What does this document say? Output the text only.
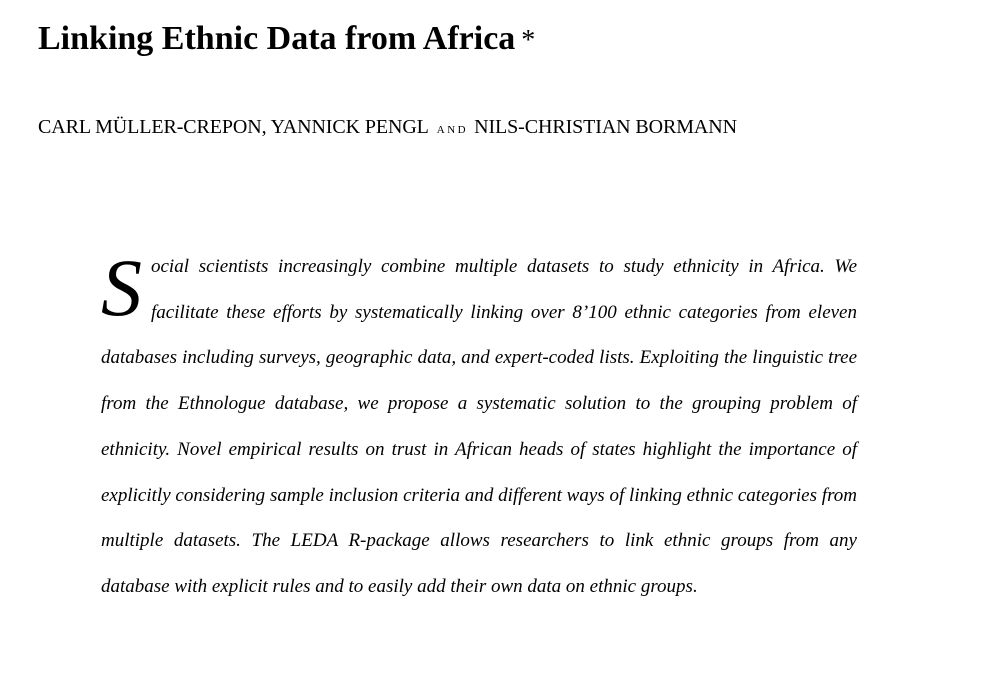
Linking Ethnic Data from Africa *
CARL MÜLLER-CREPON, YANNICK PENGL AND NILS-CHRISTIAN BORMANN

Social scientists increasingly combine multiple datasets to study ethnicity in Africa. We facilitate these efforts by systematically linking over 8’100 ethnic categories from eleven databases including surveys, geographic data, and expert-coded lists. Exploiting the linguistic tree from the Ethnologue database, we propose a systematic solution to the grouping problem of ethnicity. Novel empirical results on trust in African heads of states highlight the importance of explicitly considering sample inclusion criteria and different ways of linking ethnic categories from multiple datasets. The LEDA R-package allows researchers to link ethnic groups from any database with explicit rules and to easily add their own data on ethnic groups.
